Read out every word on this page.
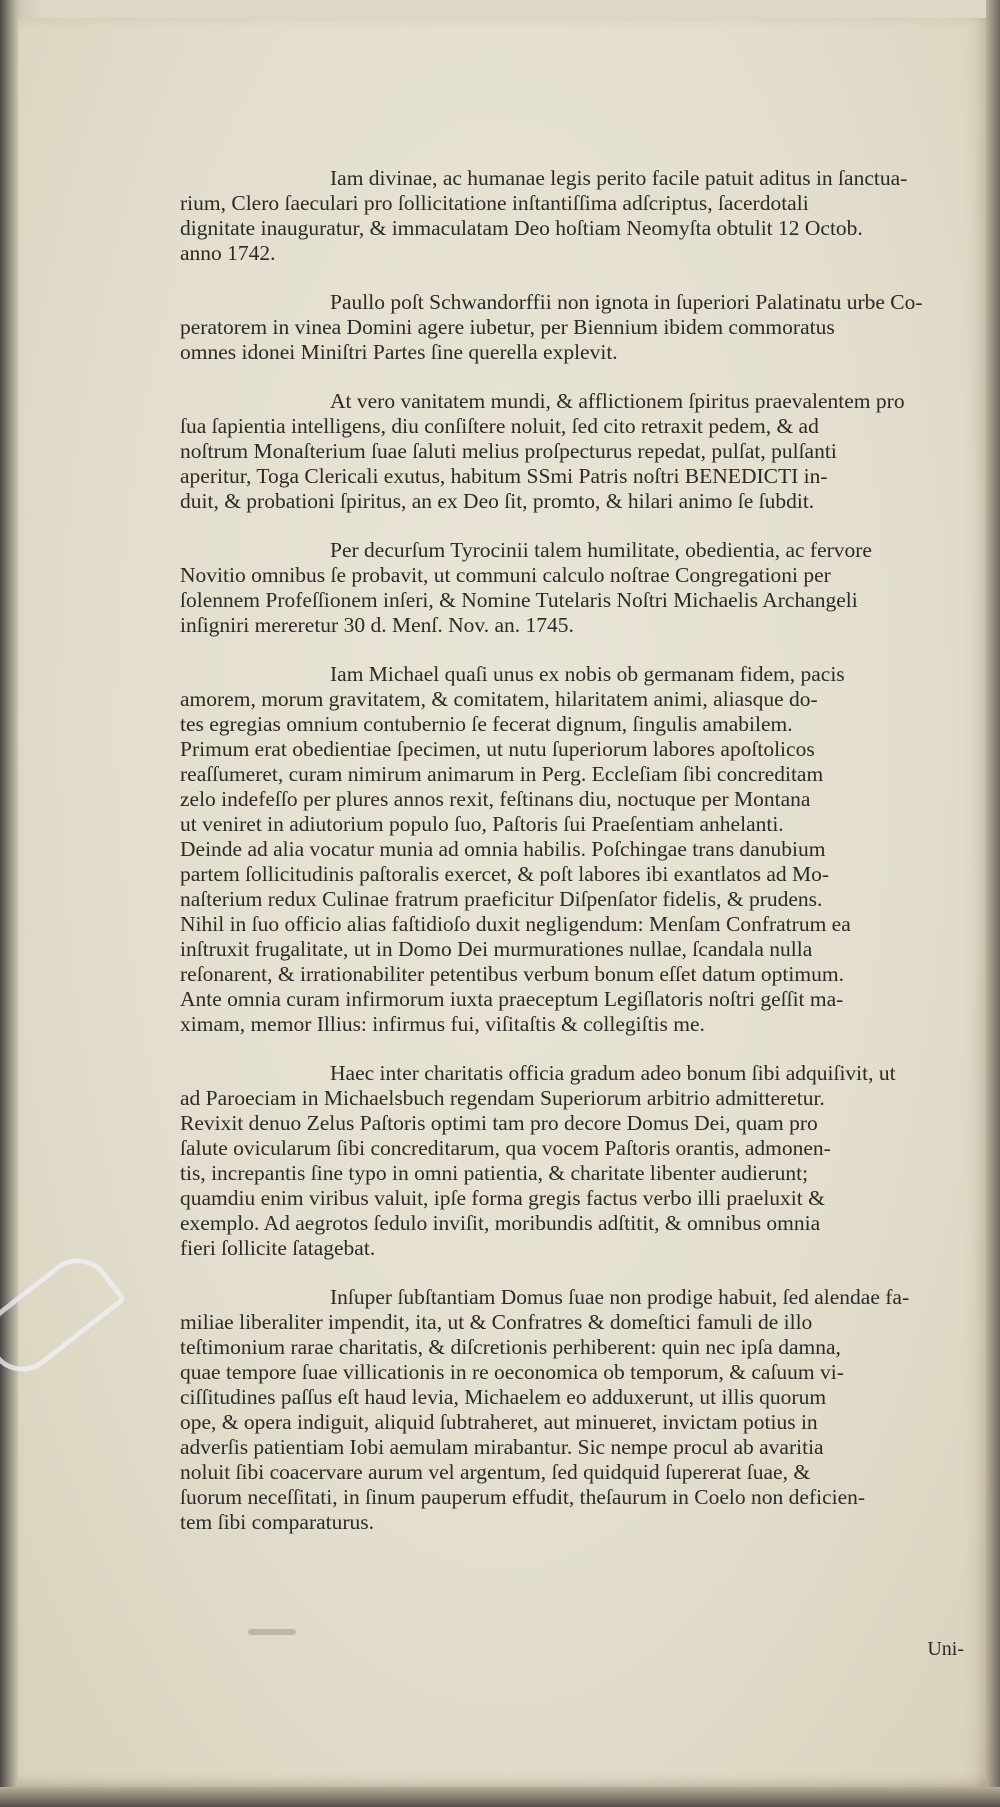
Iam divinae, ac humanae legis perito facile patuit aditus in ſanctua-
rium, Clero ſaeculari pro ſollicitatione inſtantiſſima adſcriptus, ſacerdotali
dignitate inauguratur, & immaculatam Deo hoſtiam Neomyſta obtulit 12 Octob.
anno 1742.
Paullo poſt Schwandorffii non ignota in ſuperiori Palatinatu urbe Co-
peratorem in vinea Domini agere iubetur, per Biennium ibidem commoratus
omnes idonei Miniſtri Partes ſine querella explevit.
At vero vanitatem mundi, & afflictionem ſpiritus praevalentem pro
ſua ſapientia intelligens, diu conſiſtere noluit, ſed cito retraxit pedem, & ad
noſtrum Monaſterium ſuae ſaluti melius proſpecturus repedat, pulſat, pulſanti
aperitur, Toga Clericali exutus, habitum SSmi Patris noſtri BENEDICTI in-
duit, & probationi ſpiritus, an ex Deo ſit, promto, & hilari animo ſe ſubdit.
Per decurſum Tyrocinii talem humilitate, obedientia, ac fervore
Novitio omnibus ſe probavit, ut communi calculo noſtrae Congregationi per
ſolennem Profeſſionem inſeri, & Nomine Tutelaris Noſtri Michaelis Archangeli
inſigniri mereretur 30 d. Menſ. Nov. an. 1745.
Iam Michael quaſi unus ex nobis ob germanam fidem, pacis
amorem, morum gravitatem, & comitatem, hilaritatem animi, aliasque do-
tes egregias omnium contubernio ſe fecerat dignum, ſingulis amabilem.
Primum erat obedientiae ſpecimen, ut nutu ſuperiorum labores apoſtolicos
reaſſumeret, curam nimirum animarum in Perg. Eccleſiam ſibi concreditam
zelo indefeſſo per plures annos rexit, feſtinans diu, noctuque per Montana
ut veniret in adiutorium populo ſuo, Paſtoris ſui Praeſentiam anhelanti.
Deinde ad alia vocatur munia ad omnia habilis. Poſchingae trans danubium
partem ſollicitudinis paſtoralis exercet, & poſt labores ibi exantlatos ad Mo-
naſterium redux Culinae fratrum praeficitur Diſpenſator fidelis, & prudens.
Nihil in ſuo officio alias faſtidioſo duxit negligendum: Menſam Confratrum ea
inſtruxit frugalitate, ut in Domo Dei murmurationes nullae, ſcandala nulla
reſonarent, & irrationabiliter petentibus verbum bonum eſſet datum optimum.
Ante omnia curam infirmorum iuxta praeceptum Legiſlatoris noſtri geſſit ma-
ximam, memor Illius: infirmus fui, viſitaſtis & collegiſtis me.
Haec inter charitatis officia gradum adeo bonum ſibi adquiſivit, ut
ad Paroeciam in Michaelsbuch regendam Superiorum arbitrio admitteretur.
Revixit denuo Zelus Paſtoris optimi tam pro decore Domus Dei, quam pro
ſalute ovicularum ſibi concreditarum, qua vocem Paſtoris orantis, admonen-
tis, increpantis ſine typo in omni patientia, & charitate libenter audierunt;
quamdiu enim viribus valuit, ipſe forma gregis factus verbo illi praeluxit &
exemplo. Ad aegrotos ſedulo inviſit, moribundis adſtitit, & omnibus omnia
fieri ſollicite ſatagebat.
Inſuper ſubſtantiam Domus ſuae non prodige habuit, ſed alendae fa-
miliae liberaliter impendit, ita, ut & Confratres & domeſtici famuli de illo
teſtimonium rarae charitatis, & diſcretionis perhiberent: quin nec ipſa damna,
quae tempore ſuae villicationis in re oeconomica ob temporum, & caſuum vi-
ciſſitudines paſſus eſt haud levia, Michaelem eo adduxerunt, ut illis quorum
ope, & opera indiguit, aliquid ſubtraheret, aut minueret, invictam potius in
adverſis patientiam Iobi aemulam mirabantur. Sic nempe procul ab avaritia
noluit ſibi coacervare aurum vel argentum, ſed quidquid ſupererat ſuae, &
ſuorum neceſſitati, in ſinum pauperum effudit, theſaurum in Coelo non deficien-
tem ſibi comparaturus.
Uni-
